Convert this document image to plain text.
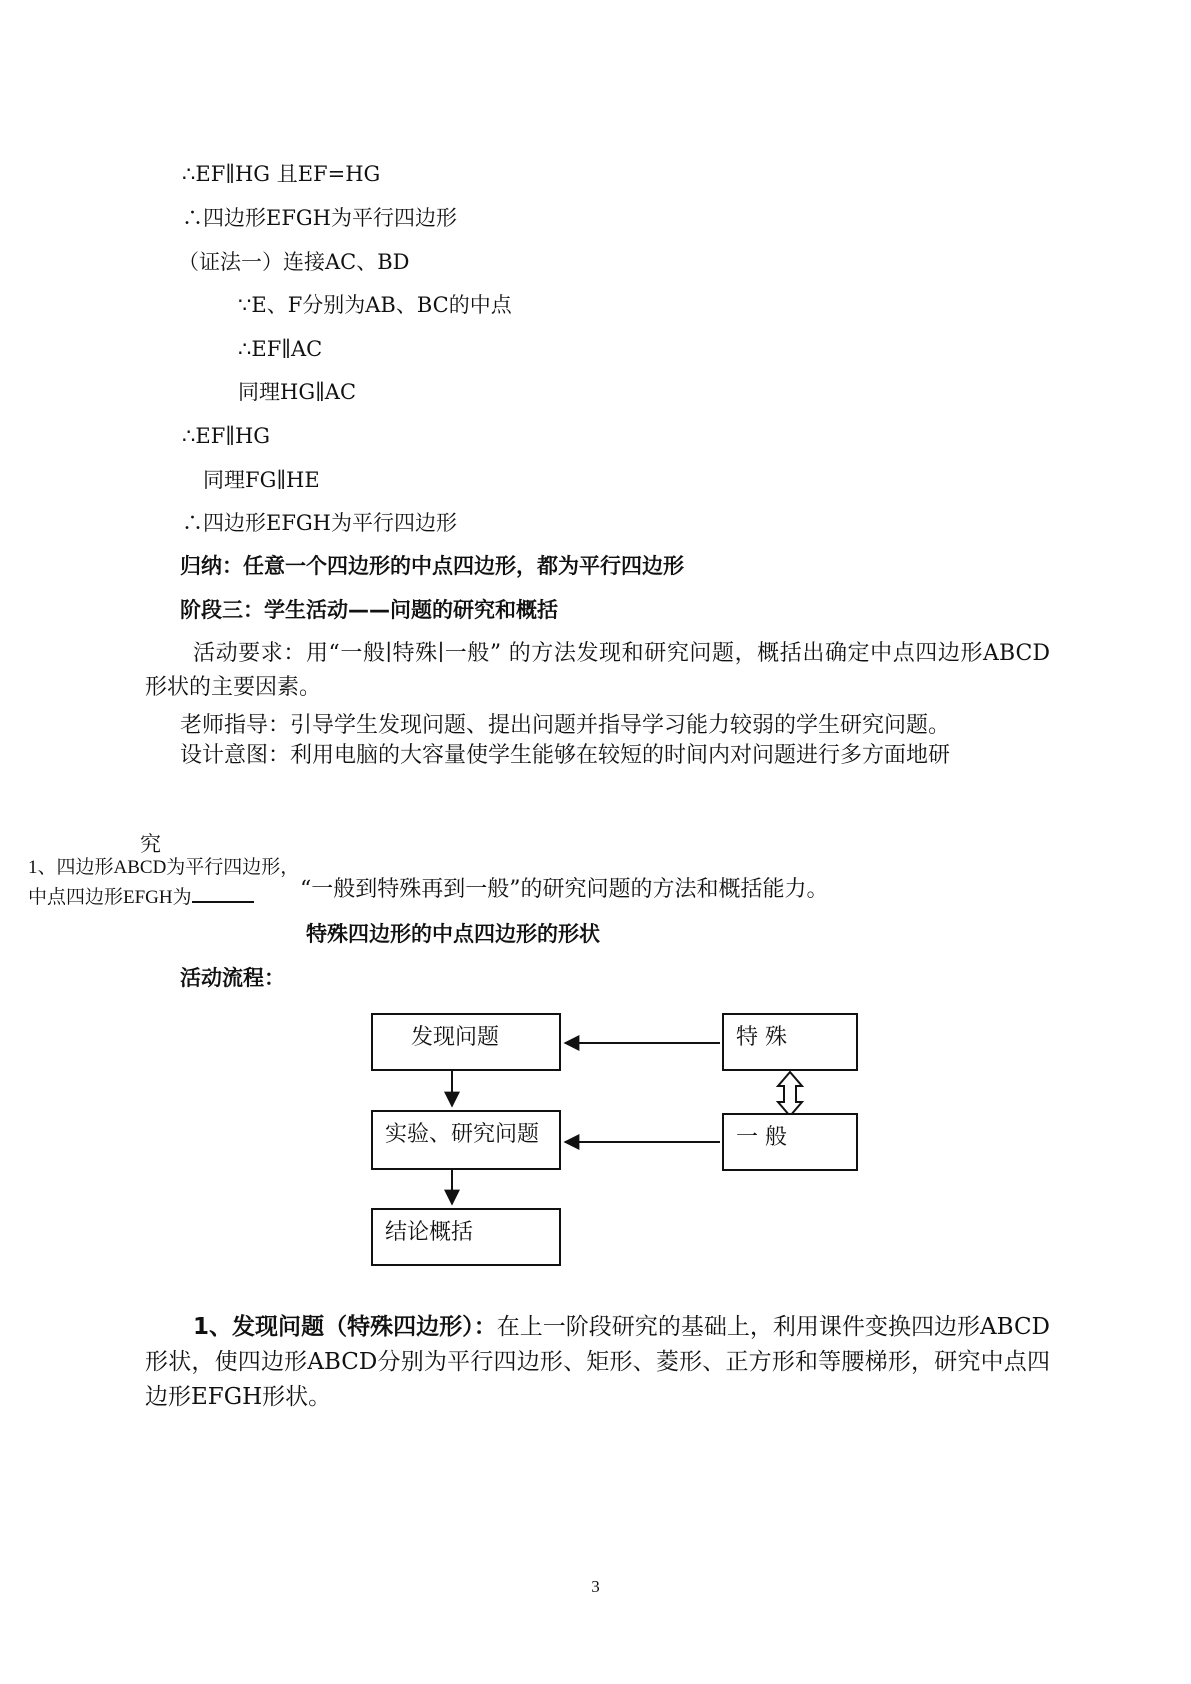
∴EF∥HG 且EF=HG
∴四边形EFGH为平行四边形
（证法一）连接AC、BD
∵E、F分别为AB、BC的中点
∴EF∥AC
同理HG∥AC
∴EF∥HG
同理FG∥HE
∴四边形EFGH为平行四边形
归纳：任意一个四边形的中点四边形，都为平行四边形
阶段三：学生活动——问题的研究和概括
活动要求：用“一般∣特殊∣一般” 的方法发现和研究问题，概括出确定中点四边形ABCD形状的主要因素。
老师指导：引导学生发现问题、提出问题并指导学习能力较弱的学生研究问题。
设计意图：利用电脑的大容量使学生能够在较短的时间内对问题进行多方面地研
究
1、四边形ABCD为平行四边形，
中点四边形EFGH为	“一般到特殊再到一般”的研究问题的方法和概括能力。
特殊四边形的中点四边形的形状
活动流程：
发现问题
实验、研究问题
结论概括
特 殊
一 般
1、发现问题（特殊四边形）：在上一阶段研究的基础上，利用课件变换四边形ABCD形状，使四边形ABCD分别为平行四边形、矩形、菱形、正方形和等腰梯形，研究中点四边形EFGH形状。
3
